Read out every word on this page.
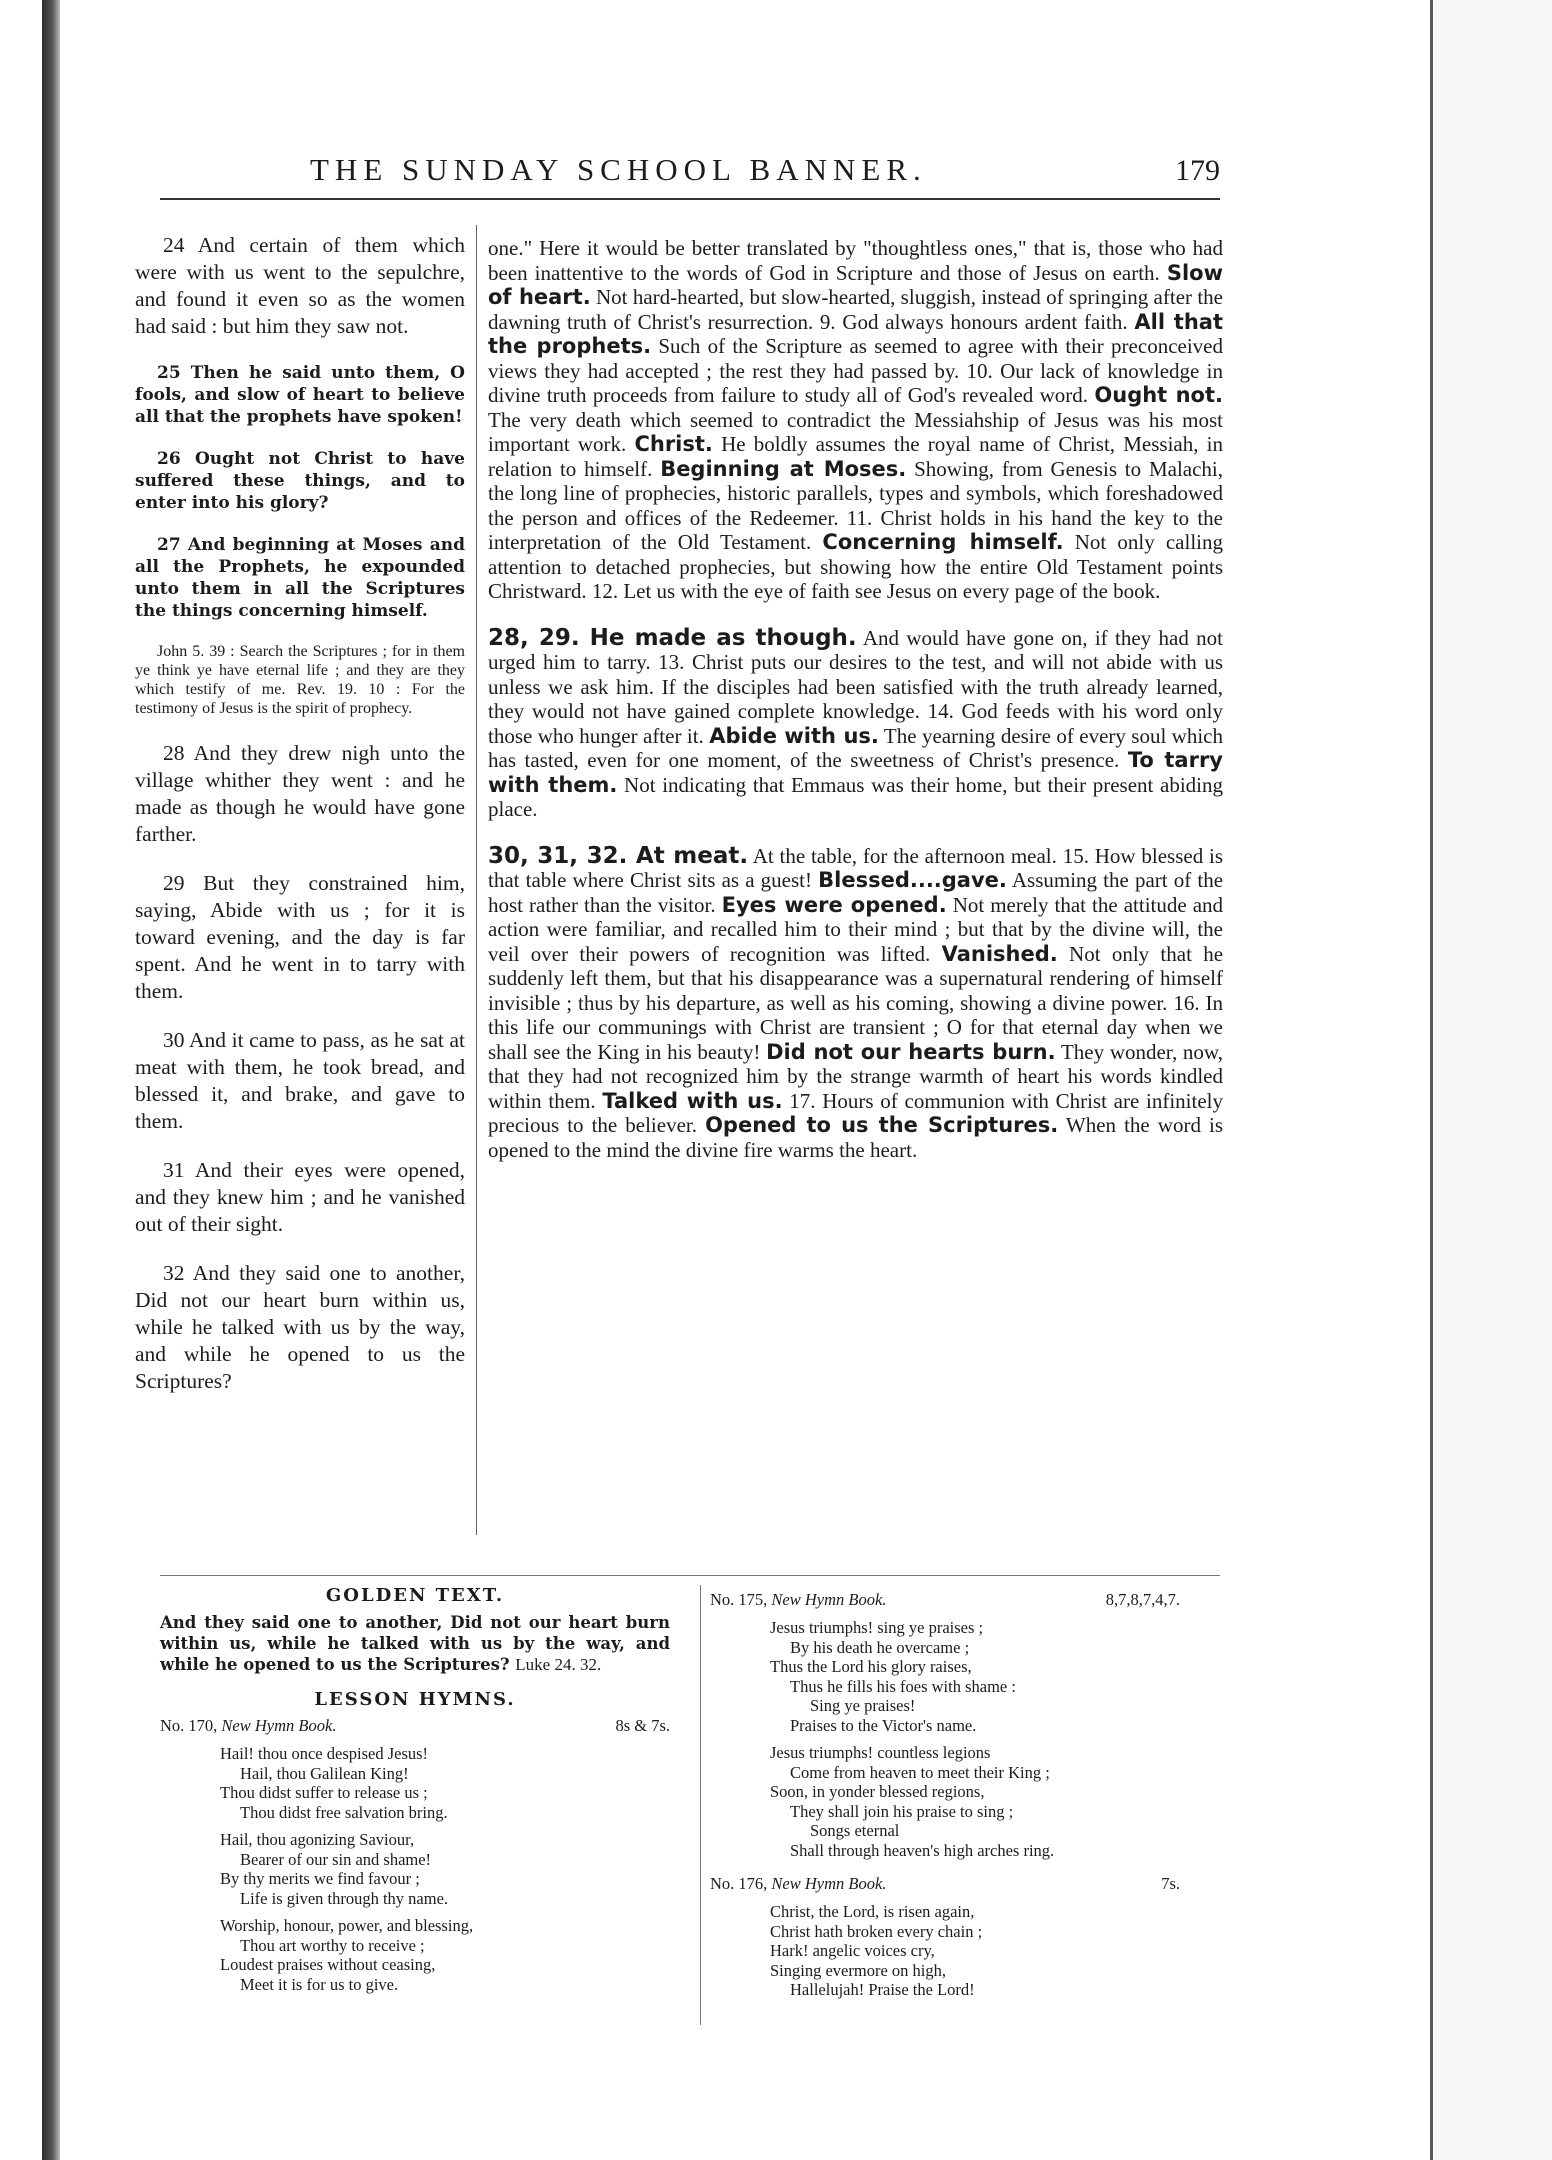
THE SUNDAY SCHOOL BANNER.	179

24 And certain of them which were with us went to the sepulchre, and found it even so as the women had said : but him they saw not.

25 Then he said unto them, O fools, and slow of heart to believe all that the prophets have spoken!

26 Ought not Christ to have suffered these things, and to enter into his glory?

27 And beginning at Moses and all the Prophets, he expounded unto them in all the Scriptures the things concerning himself.

John 5. 39 : Search the Scriptures ; for in them ye think ye have eternal life ; and they are they which testify of me. Rev. 19. 10 : For the testimony of Jesus is the spirit of prophecy.

28 And they drew nigh unto the village whither they went : and he made as though he would have gone farther.

29 But they constrained him, saying, Abide with us ; for it is toward evening, and the day is far spent. And he went in to tarry with them.

30 And it came to pass, as he sat at meat with them, he took bread, and blessed it, and brake, and gave to them.

31 And their eyes were opened, and they knew him ; and he vanished out of their sight.

32 And they said one to another, Did not our heart burn within us, while he talked with us by the way, and while he opened to us the Scriptures?

one." Here it would be better translated by "thoughtless ones," that is, those who had been inattentive to the words of God in Scripture and those of Jesus on earth. Slow of heart. Not hard-hearted, but slow-hearted, sluggish, instead of springing after the dawning truth of Christ's resurrection. 9. God always honours ardent faith. All that the prophets. Such of the Scripture as seemed to agree with their preconceived views they had accepted ; the rest they had passed by. 10. Our lack of knowledge in divine truth proceeds from failure to study all of God's revealed word. Ought not. The very death which seemed to contradict the Messiahship of Jesus was his most important work. Christ. He boldly assumes the royal name of Christ, Messiah, in relation to himself. Beginning at Moses. Showing, from Genesis to Malachi, the long line of prophecies, historic parallels, types and symbols, which foreshadowed the person and offices of the Redeemer. 11. Christ holds in his hand the key to the interpretation of the Old Testament. Concerning himself. Not only calling attention to detached prophecies, but showing how the entire Old Testament points Christward. 12. Let us with the eye of faith see Jesus on every page of the book.

28, 29. He made as though. And would have gone on, if they had not urged him to tarry. 13. Christ puts our desires to the test, and will not abide with us unless we ask him. If the disciples had been satisfied with the truth already learned, they would not have gained complete knowledge. 14. God feeds with his word only those who hunger after it. Abide with us. The yearning desire of every soul which has tasted, even for one moment, of the sweetness of Christ's presence. To tarry with them. Not indicating that Emmaus was their home, but their present abiding place.

30, 31, 32. At meat. At the table, for the afternoon meal. 15. How blessed is that table where Christ sits as a guest! Blessed....gave. Assuming the part of the host rather than the visitor. Eyes were opened. Not merely that the attitude and action were familiar, and recalled him to their mind ; but that by the divine will, the veil over their powers of recognition was lifted. Vanished. Not only that he suddenly left them, but that his disappearance was a supernatural rendering of himself invisible ; thus by his departure, as well as his coming, showing a divine power. 16. In this life our communings with Christ are transient ; O for that eternal day when we shall see the King in his beauty! Did not our hearts burn. They wonder, now, that they had not recognized him by the strange warmth of heart his words kindled within them. Talked with us. 17. Hours of communion with Christ are infinitely precious to the believer. Opened to us the Scriptures. When the word is opened to the mind the divine fire warms the heart.

GOLDEN TEXT.

And they said one to another, Did not our heart burn within us, while he talked with us by the way, and while he opened to us the Scriptures? Luke 24. 32.

LESSON HYMNS.
No. 170, New Hymn Book.	8s & 7s.
Hail! thou once despised Jesus!
Hail, thou Galilean King!
Thou didst suffer to release us ;
Thou didst free salvation bring.
Hail, thou agonizing Saviour,
Bearer of our sin and shame!
By thy merits we find favour ;
Life is given through thy name.
Worship, honour, power, and blessing,
Thou art worthy to receive ;
Loudest praises without ceasing,
Meet it is for us to give.
No. 175, New Hymn Book.	8,7,8,7,4,7.
Jesus triumphs! sing ye praises ;
By his death he overcame ;
Thus the Lord his glory raises,
Thus he fills his foes with shame :
Sing ye praises!
Praises to the Victor's name.
Jesus triumphs! countless legions
Come from heaven to meet their King ;
Soon, in yonder blessed regions,
They shall join his praise to sing ;
Songs eternal
Shall through heaven's high arches ring.
No. 176, New Hymn Book.	7s.
Christ, the Lord, is risen again,
Christ hath broken every chain ;
Hark! angelic voices cry,
Singing evermore on high,
Hallelujah! Praise the Lord!
